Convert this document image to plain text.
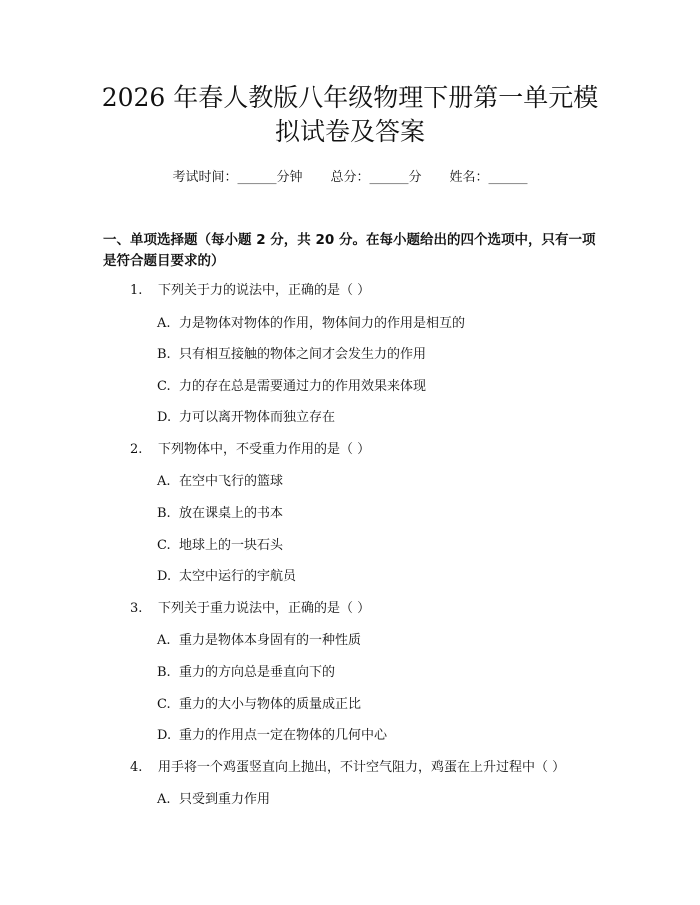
2026 年春人教版八年级物理下册第一单元模
拟试卷及答案
考试时间：______分钟 总分：______分 姓名：______
一、单项选择题（每小题 2 分，共 20 分。在每小题给出的四个选项中，只有一项
是符合题目要求的）
1. 下列关于力的说法中，正确的是（ ）
A. 力是物体对物体的作用，物体间力的作用是相互的
B. 只有相互接触的物体之间才会发生力的作用
C. 力的存在总是需要通过力的作用效果来体现
D. 力可以离开物体而独立存在
2. 下列物体中，不受重力作用的是（ ）
A. 在空中飞行的篮球
B. 放在课桌上的书本
C. 地球上的一块石头
D. 太空中运行的宇航员
3. 下列关于重力说法中，正确的是（ ）
A. 重力是物体本身固有的一种性质
B. 重力的方向总是垂直向下的
C. 重力的大小与物体的质量成正比
D. 重力的作用点一定在物体的几何中心
4. 用手将一个鸡蛋竖直向上抛出，不计空气阻力，鸡蛋在上升过程中（ ）
A. 只受到重力作用
